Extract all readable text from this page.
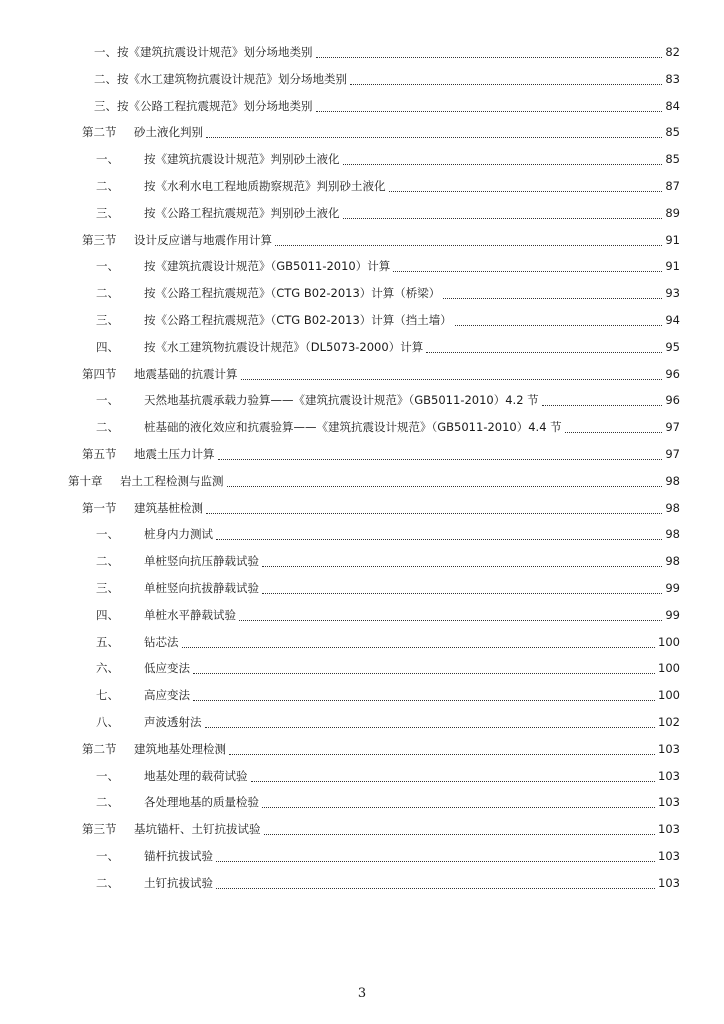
一、按《建筑抗震设计规范》划分场地类别	82
二、按《水工建筑物抗震设计规范》划分场地类别	83
三、按《公路工程抗震规范》划分场地类别	84
第二节 砂土液化判别	85
一、 按《建筑抗震设计规范》判别砂土液化	85
二、 按《水利水电工程地质勘察规范》判别砂土液化	87
三、 按《公路工程抗震规范》判别砂土液化	89
第三节 设计反应谱与地震作用计算	91
一、 按《建筑抗震设计规范》（GB5011-2010）计算	91
二、 按《公路工程抗震规范》（CTG B02-2013）计算（桥梁）	93
三、 按《公路工程抗震规范》（CTG B02-2013）计算（挡土墙）	94
四、 按《水工建筑物抗震设计规范》（DL5073-2000）计算	95
第四节 地震基础的抗震计算	96
一、 天然地基抗震承载力验算——《建筑抗震设计规范》（GB5011-2010）4.2 节	96
二、 桩基础的液化效应和抗震验算——《建筑抗震设计规范》（GB5011-2010）4.4 节	97
第五节 地震土压力计算	97
第十章 岩土工程检测与监测	98
第一节 建筑基桩检测	98
一、 桩身内力测试	98
二、 单桩竖向抗压静载试验	98
三、 单桩竖向抗拔静载试验	99
四、 单桩水平静载试验	99
五、 钻芯法	100
六、 低应变法	100
七、 高应变法	100
八、 声波透射法	102
第二节 建筑地基处理检测	103
一、 地基处理的载荷试验	103
二、 各处理地基的质量检验	103
第三节 基坑锚杆、土钉抗拔试验	103
一、 锚杆抗拔试验	103
二、 土钉抗拔试验	103
3
